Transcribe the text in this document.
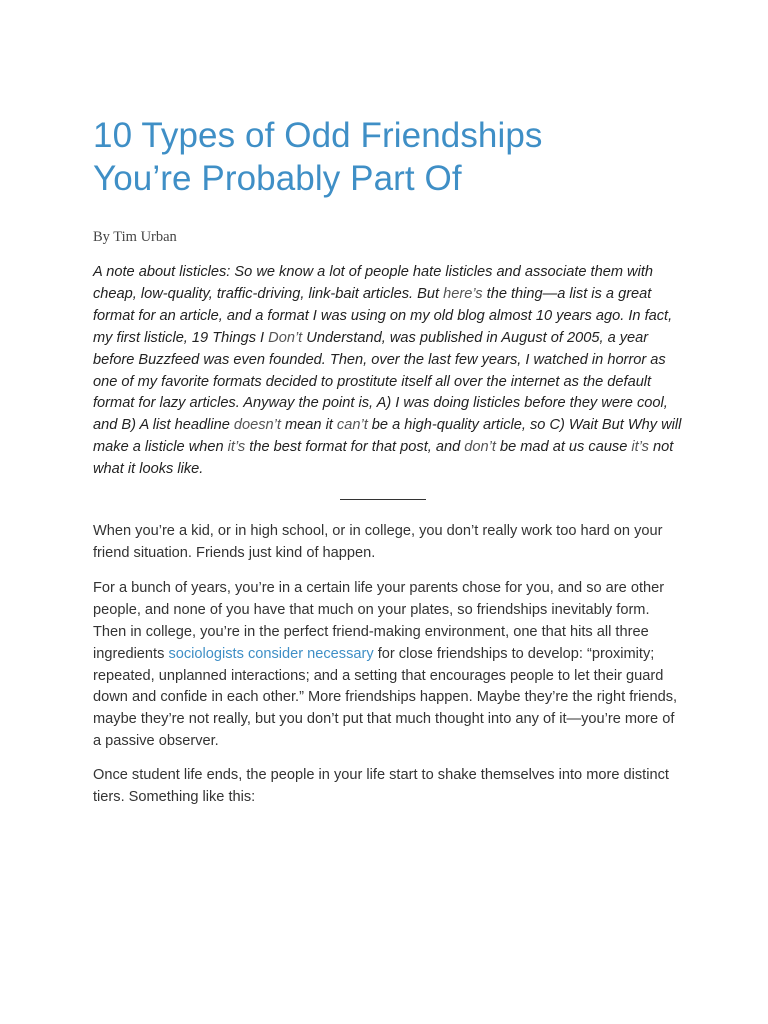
10 Types of Odd Friendships
You’re Probably Part Of
By Tim Urban
A note about listicles: So we know a lot of people hate listicles and associate them with cheap, low-quality, traffic-driving, link-bait articles. But here’s the thing—a list is a great format for an article, and a format I was using on my old blog almost 10 years ago. In fact, my first listicle, 19 Things I Don’t Understand, was published in August of 2005, a year before Buzzfeed was even founded. Then, over the last few years, I watched in horror as one of my favorite formats decided to prostitute itself all over the internet as the default format for lazy articles. Anyway the point is, A) I was doing listicles before they were cool, and B) A list headline doesn’t mean it can’t be a high-quality article, so C) Wait But Why will make a listicle when it’s the best format for that post, and don’t be mad at us cause it’s not what it looks like.

When you’re a kid, or in high school, or in college, you don’t really work too hard on your friend situation. Friends just kind of happen.

For a bunch of years, you’re in a certain life your parents chose for you, and so are other people, and none of you have that much on your plates, so friendships inevitably form. Then in college, you’re in the perfect friend-making environment, one that hits all three ingredients sociologists consider necessary for close friendships to develop: “proximity; repeated, unplanned interactions; and a setting that encourages people to let their guard down and confide in each other.” More friendships happen. Maybe they’re the right friends, maybe they’re not really, but you don’t put that much thought into any of it—you’re more of a passive observer.

Once student life ends, the people in your life start to shake themselves into more distinct tiers. Something like this:
